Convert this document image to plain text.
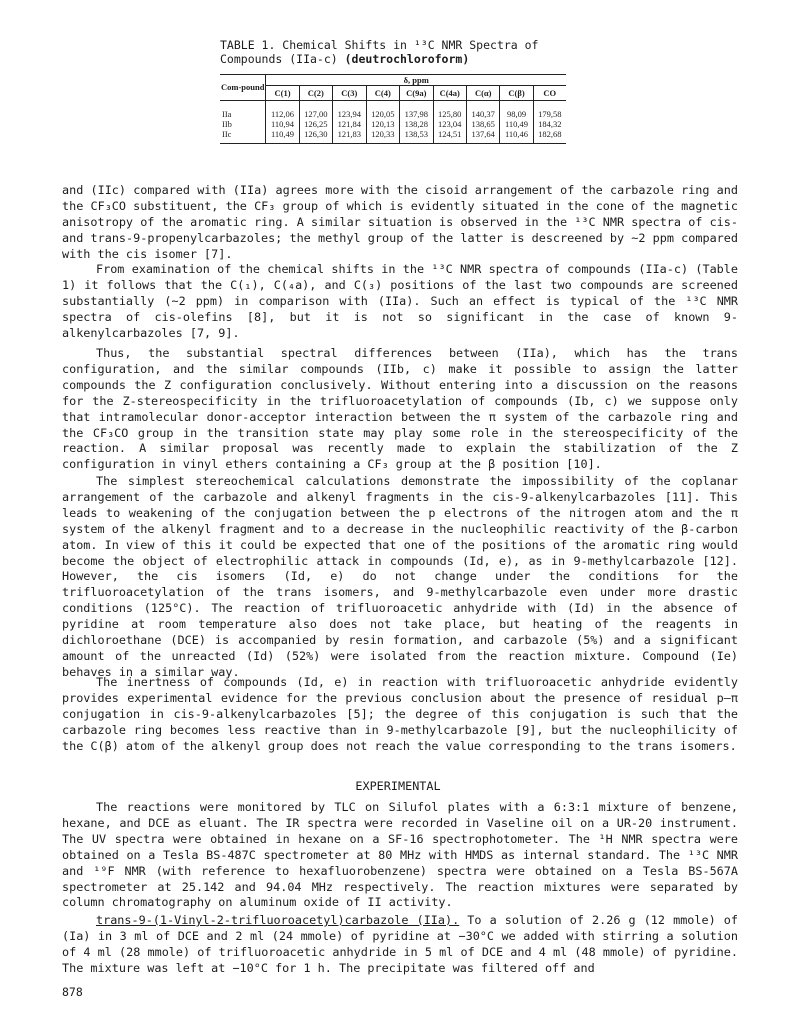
TABLE 1. Chemical Shifts in ¹³C NMR Spectra of
Compounds (IIa-c) (deutrochloroform)
Com-pound	δ, ppm								
	C(1)	C(2)	C(3)	C(4)	C(9a)	C(4a)	C(α)	C(β)	CO
IIa	112,06	127,00	123,94	120,05	137,98	125,80	140,37	98,09	179,58
IIb	110,94	126,25	121,84	120,13	138,28	123,04	138,65	110,49	184,32
IIc	110,49	126,30	121,83	120,33	138,53	124,51	137,64	110,46	182,68
and (IIc) compared with (IIa) agrees more with the cisoid arrangement of the carbazole ring and the CF₃CO substituent, the CF₃ group of which is evidently situated in the cone of the magnetic anisotropy of the aromatic ring. A similar situation is observed in the ¹³C NMR spectra of cis- and trans-9-propenylcarbazoles; the methyl group of the latter is descreened by ~2 ppm compared with the cis isomer [7].
From examination of the chemical shifts in the ¹³C NMR spectra of compounds (IIa-c) (Table 1) it follows that the C(₁), C(₄a), and C(₃) positions of the last two compounds are screened substantially (~2 ppm) in comparison with (IIa). Such an effect is typical of the ¹³C NMR spectra of cis-olefins [8], but it is not so significant in the case of known 9-alkenylcarbazoles [7, 9].
Thus, the substantial spectral differences between (IIa), which has the trans configuration, and the similar compounds (IIb, c) make it possible to assign the latter compounds the Z configuration conclusively. Without entering into a discussion on the reasons for the Z-stereospecificity in the trifluoroacetylation of compounds (Ib, c) we suppose only that intramolecular donor-acceptor interaction between the π system of the carbazole ring and the CF₃CO group in the transition state may play some role in the stereospecificity of the reaction. A similar proposal was recently made to explain the stabilization of the Z configuration in vinyl ethers containing a CF₃ group at the β position [10].
The simplest stereochemical calculations demonstrate the impossibility of the coplanar arrangement of the carbazole and alkenyl fragments in the cis-9-alkenylcarbazoles [11]. This leads to weakening of the conjugation between the p electrons of the nitrogen atom and the π system of the alkenyl fragment and to a decrease in the nucleophilic reactivity of the β-carbon atom. In view of this it could be expected that one of the positions of the aromatic ring would become the object of electrophilic attack in compounds (Id, e), as in 9-methylcarbazole [12]. However, the cis isomers (Id, e) do not change under the conditions for the trifluoroacetylation of the trans isomers, and 9-methylcarbazole even under more drastic conditions (125°C). The reaction of trifluoroacetic anhydride with (Id) in the absence of pyridine at room temperature also does not take place, but heating of the reagents in dichloroethane (DCE) is accompanied by resin formation, and carbazole (5%) and a significant amount of the unreacted (Id) (52%) were isolated from the reaction mixture. Compound (Ie) behaves in a similar way.
The inertness of compounds (Id, e) in reaction with trifluoroacetic anhydride evidently provides experimental evidence for the previous conclusion about the presence of residual p—π conjugation in cis-9-alkenylcarbazoles [5]; the degree of this conjugation is such that the carbazole ring becomes less reactive than in 9-methylcarbazole [9], but the nucleophilicity of the C(β) atom of the alkenyl group does not reach the value corresponding to the trans isomers.
EXPERIMENTAL
The reactions were monitored by TLC on Silufol plates with a 6:3:1 mixture of benzene, hexane, and DCE as eluant. The IR spectra were recorded in Vaseline oil on a UR-20 instrument. The UV spectra were obtained in hexane on a SF-16 spectrophotometer. The ¹H NMR spectra were obtained on a Tesla BS-487C spectrometer at 80 MHz with HMDS as internal standard. The ¹³C NMR and ¹⁹F NMR (with reference to hexafluorobenzene) spectra were obtained on a Tesla BS-567A spectrometer at 25.142 and 94.04 MHz respectively. The reaction mixtures were separated by column chromatography on aluminum oxide of II activity.
trans-9-(1-Vinyl-2-trifluoroacetyl)carbazole (IIa). To a solution of 2.26 g (12 mmole) of (Ia) in 3 ml of DCE and 2 ml (24 mmole) of pyridine at −30°C we added with stirring a solution of 4 ml (28 mmole) of trifluoroacetic anhydride in 5 ml of DCE and 4 ml (48 mmole) of pyridine. The mixture was left at −10°C for 1 h. The precipitate was filtered off and
878
